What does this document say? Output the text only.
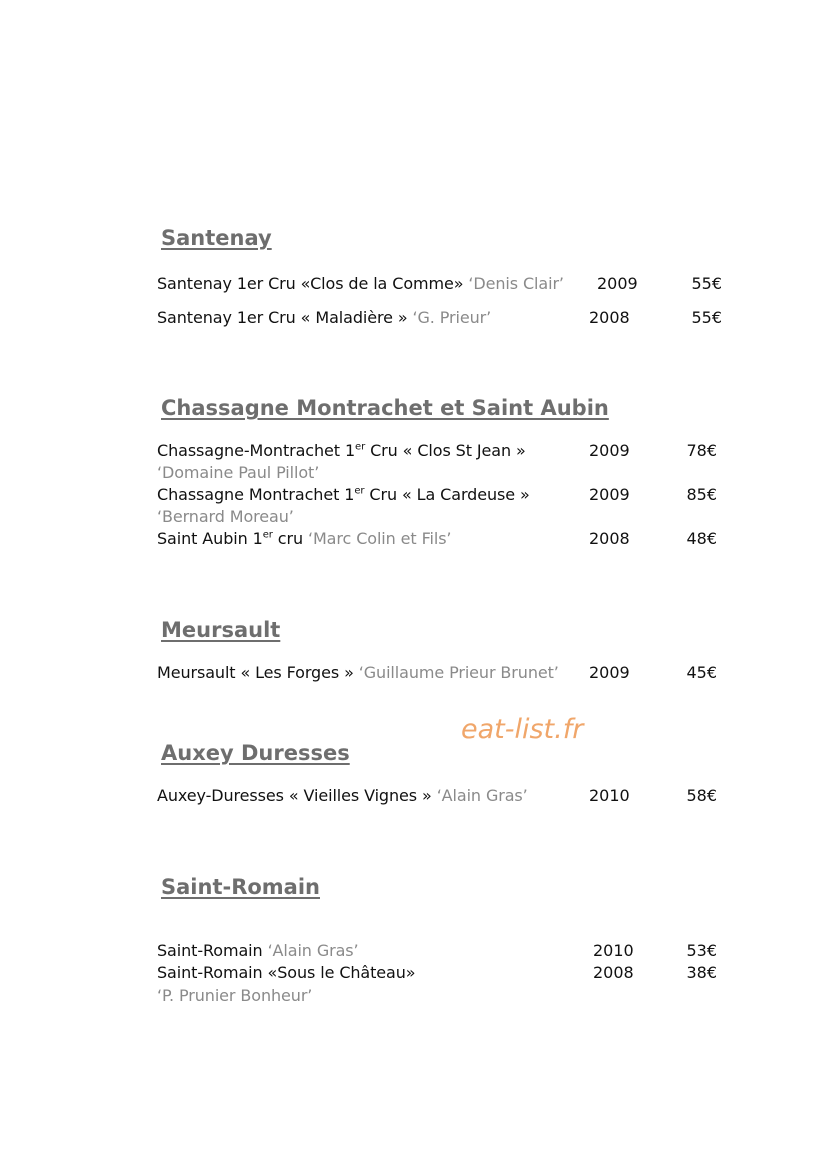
Santenay
Santenay 1er Cru «Clos de la Comme» ‘Denis Clair’ 2009	55€
Santenay 1er Cru « Maladière » ‘G. Prieur’	2008	55€
Chassagne Montrachet et Saint Aubin
Chassagne-Montrachet 1er Cru « Clos St Jean »
‘Domaine Paul Pillot’
2009	78€
Chassagne Montrachet 1er Cru « La Cardeuse »
‘Bernard Moreau’
2009	85€
Saint Aubin 1er cru ‘Marc Colin et Fils’	2008	48€
Meursault
Meursault « Les Forges » ‘Guillaume Prieur Brunet’ 2009	45€
eat-list.fr
Auxey Duresses
Auxey-Duresses « Vieilles Vignes » ‘Alain Gras’	2010	58€
Saint-Romain
Saint-Romain ‘Alain Gras’	2010	53€
Saint-Romain «Sous le Château»
‘P. Prunier Bonheur’
2008	38€
